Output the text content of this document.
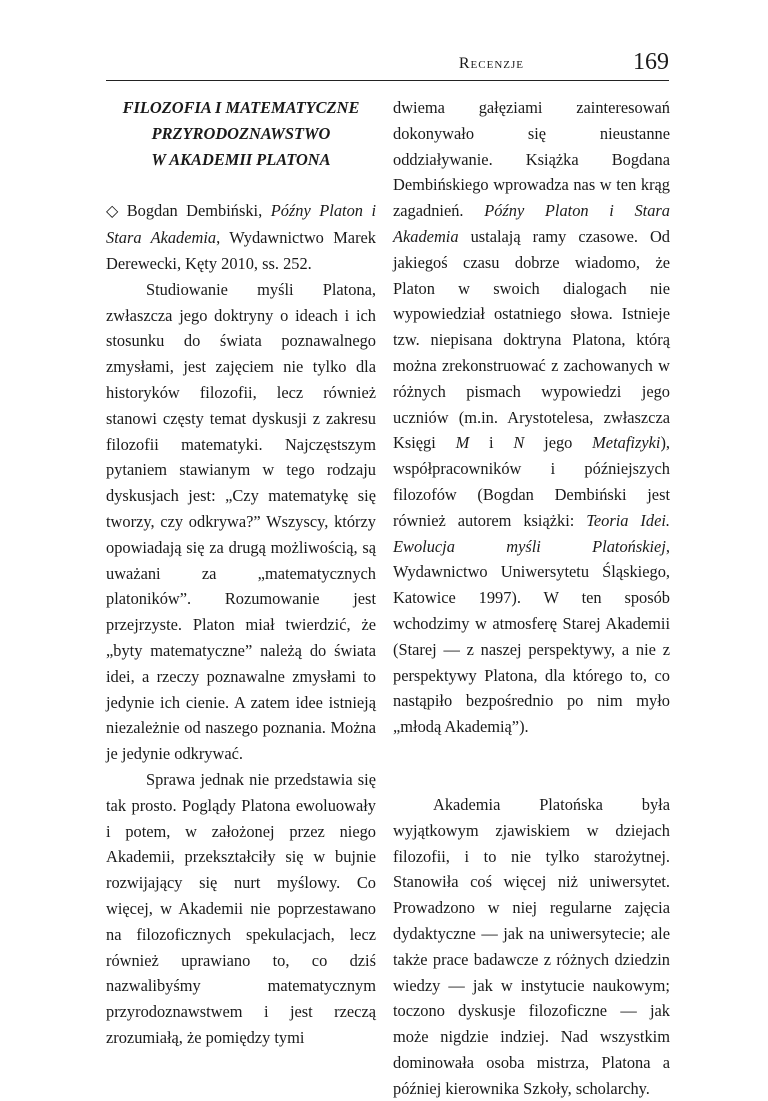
Recenzje	169
FILOZOFIA I MATEMATYCZNE
PRZYRODOZNAWSTWO
W AKADEMII PLATONA

◇ Bogdan Dembiński, Późny Platon i Stara Akademia, Wydawnictwo Marek Derewecki, Kęty 2010, ss. 252.

Studiowanie myśli Platona, zwłaszcza jego doktryny o ideach i ich stosunku do świata poznawalnego zmysłami, jest zajęciem nie tylko dla historyków filozofii, lecz również stanowi częsty temat dyskusji z zakresu filozofii matematyki. Najczęstszym pytaniem stawianym w tego rodzaju dyskusjach jest: „Czy matematykę się tworzy, czy odkrywa?” Wszyscy, którzy opowiadają się za drugą możliwością, są uważani za „matematycznych platoników”. Rozumowanie jest przejrzyste. Platon miał twierdzić, że „byty matematyczne” należą do świata idei, a rzeczy poznawalne zmysłami to jedynie ich cienie. A zatem idee istnieją niezależnie od naszego poznania. Można je jedynie odkrywać.

Sprawa jednak nie przedstawia się tak prosto. Poglądy Platona ewoluowały i potem, w założonej przez niego Akademii, przekształciły się w bujnie rozwijający się nurt myślowy. Co więcej, w Akademii nie poprzestawano na filozoficznych spekulacjach, lecz również uprawiano to, co dziś nazwalibyśmy matematycznym przyrodoznawstwem i jest rzeczą zrozumiałą, że pomiędzy tymi

dwiema gałęziami zainteresowań dokonywało się nieustanne oddziaływanie. Książka Bogdana Dembińskiego wprowadza nas w ten krąg zagadnień. Późny Platon i Stara Akademia ustalają ramy czasowe. Od jakiegoś czasu dobrze wiadomo, że Platon w swoich dialogach nie wypowiedział ostatniego słowa. Istnieje tzw. niepisana doktryna Platona, którą można zrekonstruować z zachowanych w różnych pismach wypowiedzi jego uczniów (m.in. Arystotelesa, zwłaszcza Księgi M i N jego Metafizyki), współpracowników i późniejszych filozofów (Bogdan Dembiński jest również autorem książki: Teoria Idei. Ewolucja myśli Platońskiej, Wydawnictwo Uniwersytetu Śląskiego, Katowice 1997). W ten sposób wchodzimy w atmosferę Starej Akademii (Starej — z naszej perspektywy, a nie z perspektywy Platona, dla którego to, co nastąpiło bezpośrednio po nim myło „młodą Akademią”).

Akademia Platońska była wyjątkowym zjawiskiem w dziejach filozofii, i to nie tylko starożytnej. Stanowiła coś więcej niż uniwersytet. Prowadzono w niej regularne zajęcia dydaktyczne — jak na uniwersytecie; ale także prace badawcze z różnych dziedzin wiedzy — jak w instytucie naukowym; toczono dyskusje filozoficzne — jak może nigdzie indziej. Nad wszystkim dominowała osoba mistrza, Platona a później kierownika Szkoły, scholarchy.
